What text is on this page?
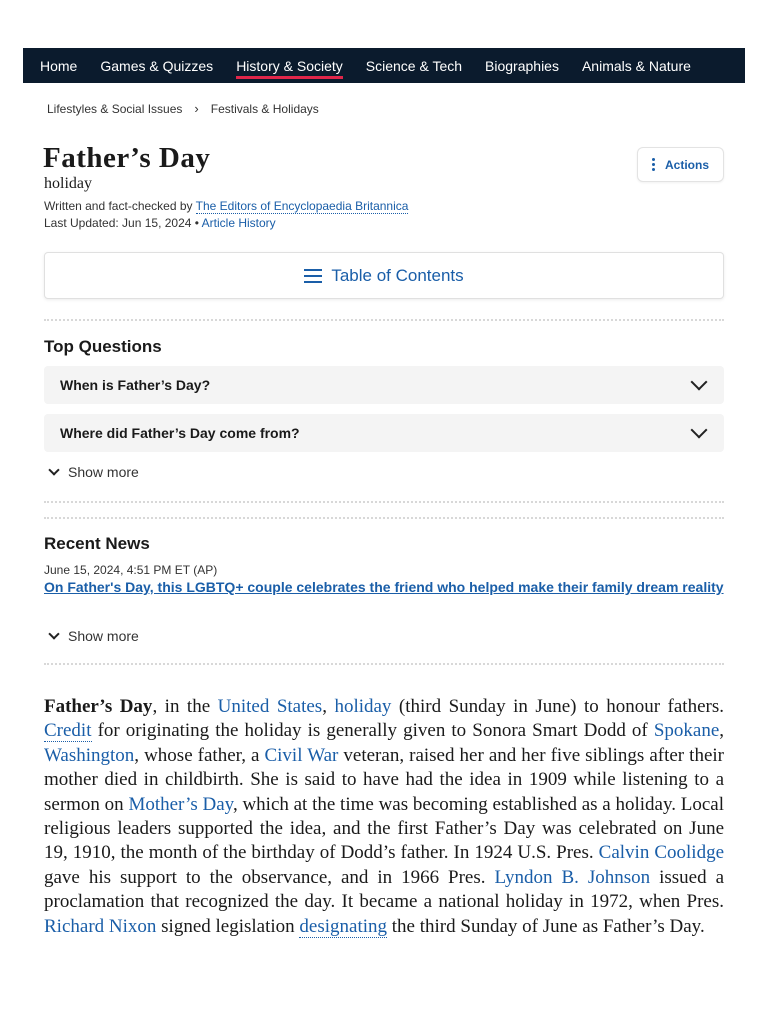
Home Games & Quizzes History & Society Science & Tech Biographies Animals & Nature
Lifestyles & Social Issues › Festivals & Holidays
Father’s Day
holiday
Written and fact-checked by The Editors of Encyclopaedia Britannica
Last Updated: Jun 15, 2024 • Article History
Actions
Table of Contents
Top Questions
When is Father’s Day?
Where did Father’s Day come from?
Show more
Recent News
June 15, 2024, 4:51 PM ET (AP)
On Father's Day, this LGBTQ+ couple celebrates the friend who helped make their family dream reality
Show more

Father’s Day, in the United States, holiday (third Sunday in June) to honour fathers. Credit for originating the holiday is generally given to Sonora Smart Dodd of Spokane, Washington, whose father, a Civil War veteran, raised her and her five siblings after their mother died in childbirth. She is said to have had the idea in 1909 while listening to a sermon on Mother’s Day, which at the time was becoming established as a holiday. Local religious leaders supported the idea, and the first Father’s Day was celebrated on June 19, 1910, the month of the birthday of Dodd’s father. In 1924 U.S. Pres. Calvin Coolidge gave his support to the observance, and in 1966 Pres. Lyndon B. Johnson issued a proclamation that recognized the day. It became a national holiday in 1972, when Pres. Richard Nixon signed legislation designating the third Sunday of June as Father’s Day.
